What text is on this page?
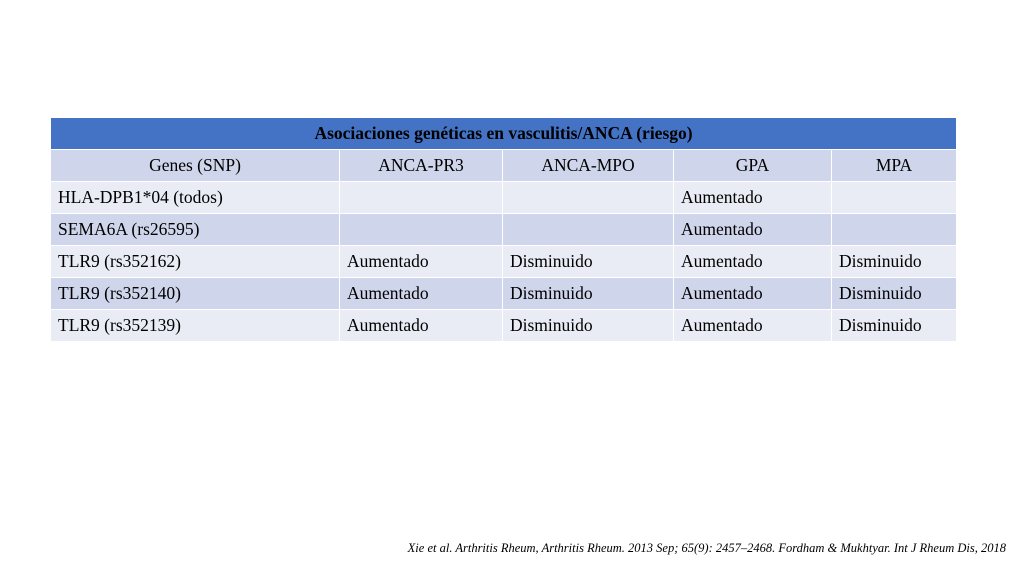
Asociaciones genéticas en vasculitis/ANCA (riesgo)				
Genes (SNP)	ANCA-PR3	ANCA-MPO	GPA	MPA
HLA-DPB1*04 (todos)			Aumentado	
SEMA6A (rs26595)			Aumentado	
TLR9 (rs352162)	Aumentado	Disminuido	Aumentado	Disminuido
TLR9 (rs352140)	Aumentado	Disminuido	Aumentado	Disminuido
TLR9 (rs352139)	Aumentado	Disminuido	Aumentado	Disminuido
Xie et al. Arthritis Rheum, Arthritis Rheum. 2013 Sep; 65(9): 2457–2468. Fordham & Mukhtyar. Int J Rheum Dis, 2018
